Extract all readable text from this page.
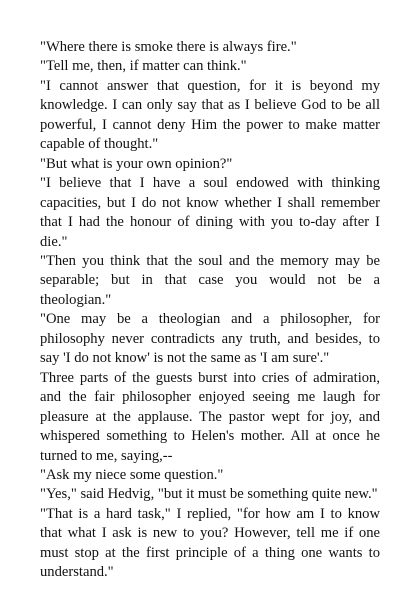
"Where there is smoke there is always fire."

"Tell me, then, if matter can think."

"I cannot answer that question, for it is beyond my knowledge. I can only say that as I believe God to be all powerful, I cannot deny Him the power to make matter capable of thought."

"But what is your own opinion?"

"I believe that I have a soul endowed with thinking capacities, but I do not know whether I shall remember that I had the honour of dining with you to-day after I die."

"Then you think that the soul and the memory may be separable; but in that case you would not be a theologian."

"One may be a theologian and a philosopher, for philosophy never contradicts any truth, and besides, to say 'I do not know' is not the same as 'I am sure'."

Three parts of the guests burst into cries of admiration, and the fair philosopher enjoyed seeing me laugh for pleasure at the applause. The pastor wept for joy, and whispered something to Helen's mother. All at once he turned to me, saying,--

"Ask my niece some question."

"Yes," said Hedvig, "but it must be something quite new."

"That is a hard task," I replied, "for how am I to know that what I ask is new to you? However, tell me if one must stop at the first principle of a thing one wants to understand."
